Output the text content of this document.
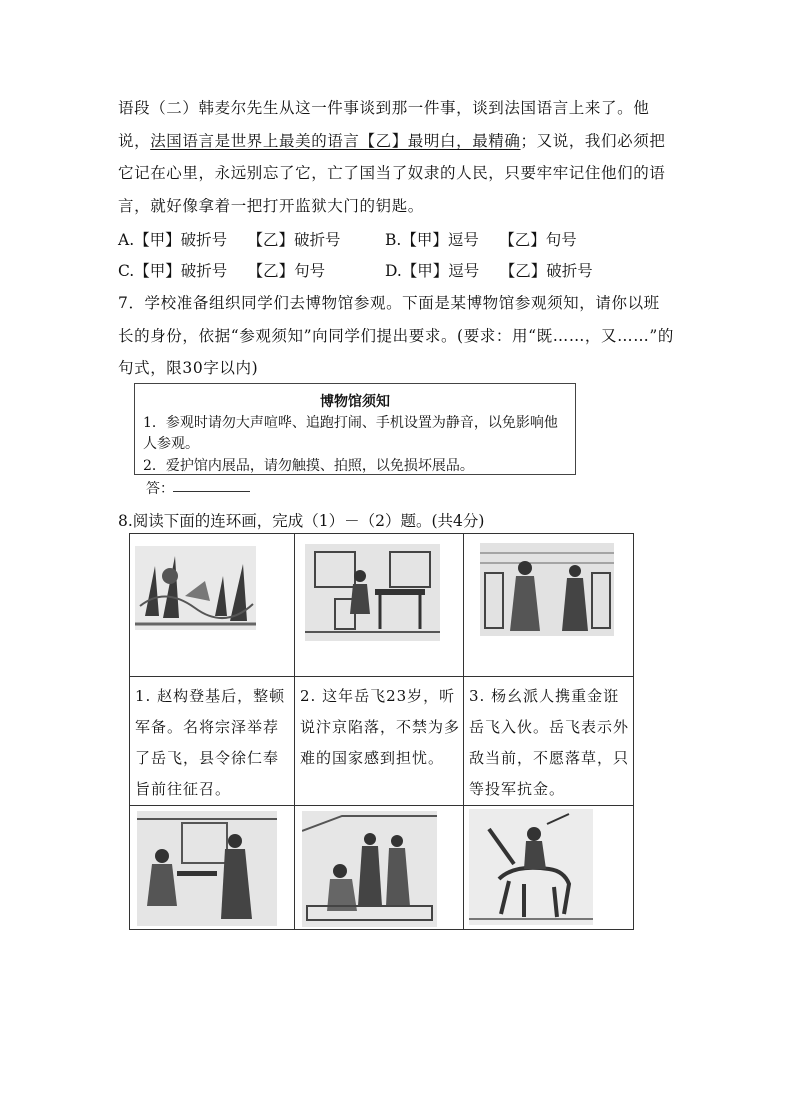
语段（二）韩麦尔先生从这一件事谈到那一件事，谈到法国语言上来了。他说，法国语言是世界上最美的语言【乙】最明白，最精确；又说，我们必须把它记在心里，永远别忘了它，亡了国当了奴隶的人民，只要牢牢记住他们的语言，就好像拿着一把打开监狱大门的钥匙。
A.【甲】破折号　 【乙】破折号	B.【甲】逗号　 【乙】句号
C.【甲】破折号　 【乙】句号	D.【甲】逗号　 【乙】破折号
7．学校准备组织同学们去博物馆参观。下面是某博物馆参观须知，请你以班长的身份，依据“参观须知”向同学们提出要求。(要求：用“既……，又……”的句式，限30字以内)
博物馆须知
1．参观时请勿大声喧哗、追跑打闹、手机设置为静音，以免影响他
人参观。
2．爱护馆内展品，请勿触摸、拍照，以免损坏展品。
答：
8.阅读下面的连环画，完成（1）－（2）题。(共4分)

1. 赵构登基后，整顿军备。名将宗泽举荐了岳飞，县令徐仁奉旨前往征召。	2. 这年岳飞23岁，听说汴京陷落，不禁为多难的国家感到担忧。	3. 杨幺派人携重金诳岳飞入伙。岳飞表示外敌当前，不愿落草，只等投军抗金。
